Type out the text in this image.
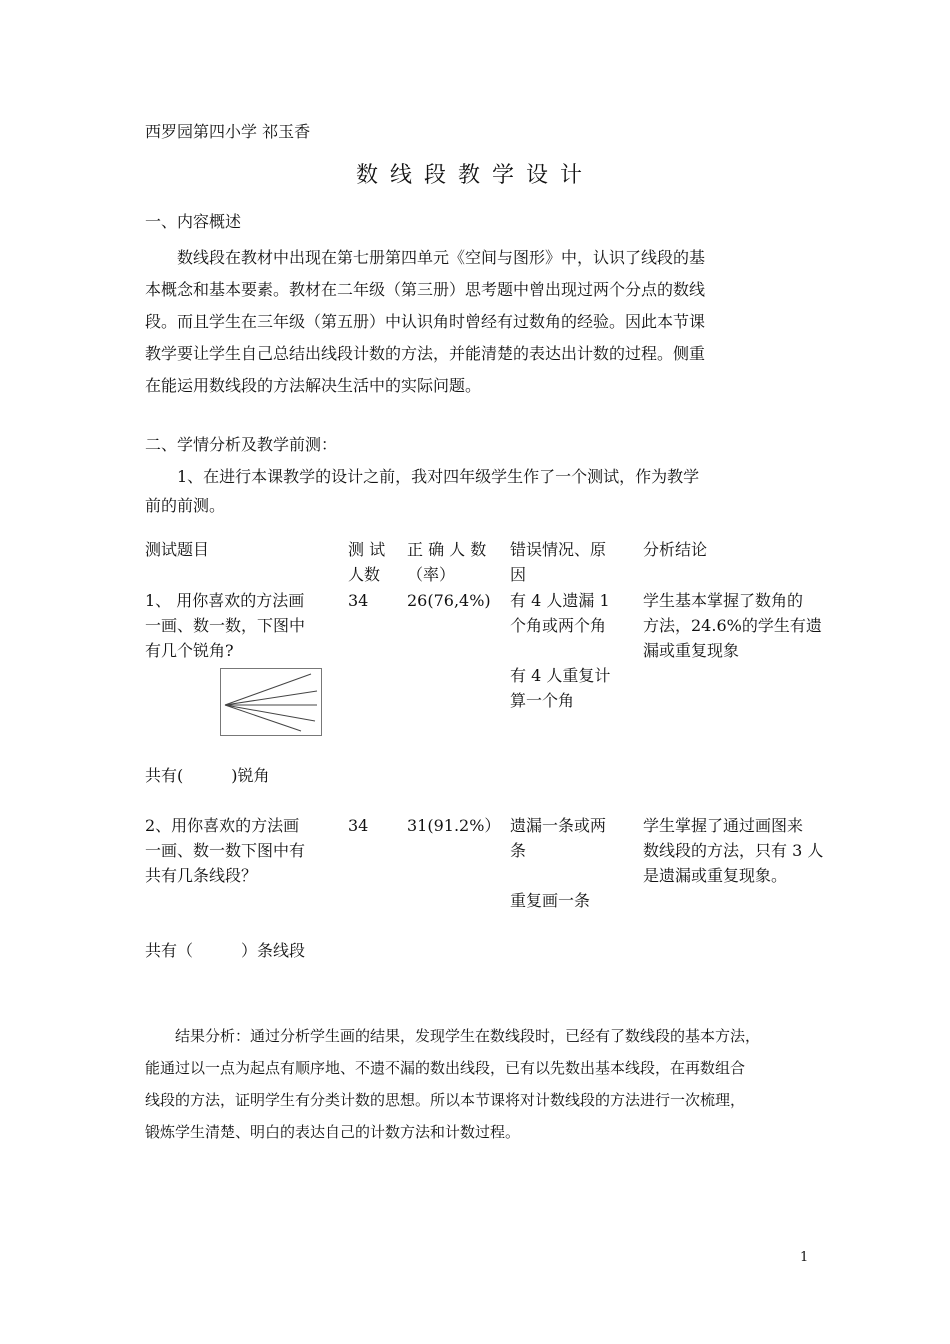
西罗园第四小学 祁玉香
数线段教学设计
一、内容概述
　　数线段在教材中出现在第七册第四单元《空间与图形》中，认识了线段的基
本概念和基本要素。教材在二年级（第三册）思考题中曾出现过两个分点的数线
段。而且学生在三年级（第五册）中认识角时曾经有过数角的经验。因此本节课
教学要让学生自己总结出线段计数的方法，并能清楚的表达出计数的过程。侧重
在能运用数线段的方法解决生活中的实际问题。
二、学情分析及教学前测：
　　1、在进行本课教学的设计之前，我对四年级学生作了一个测试，作为教学
前的前测。
测试题目	测 试
人数
正 确 人 数
（率）
错误情况、原
因
分析结论
1、 用你喜欢的方法画
一画、数一数，下图中
有几个锐角?
34 26(76,4%) 有 4 人遗漏 1
个角或两个角
有 4 人重复计
算一个角
学生基本掌握了数角的
方法，24.6%的学生有遗
漏或重复现象
共有(　　　)锐角
2、用你喜欢的方法画
一画、数一数下图中有
共有几条线段？
34 31(91.2%） 遗漏一条或两
条
重复画一条
学生掌握了通过画图来
数线段的方法，只有 3 人
是遗漏或重复现象。
共有（　　　）条线段
　　结果分析：通过分析学生画的结果，发现学生在数线段时，已经有了数线段的基本方法，
能通过以一点为起点有顺序地、不遗不漏的数出线段，已有以先数出基本线段，在再数组合
线段的方法，证明学生有分类计数的思想。所以本节课将对计数线段的方法进行一次梳理，
锻炼学生清楚、明白的表达自己的计数方法和计数过程。
1
